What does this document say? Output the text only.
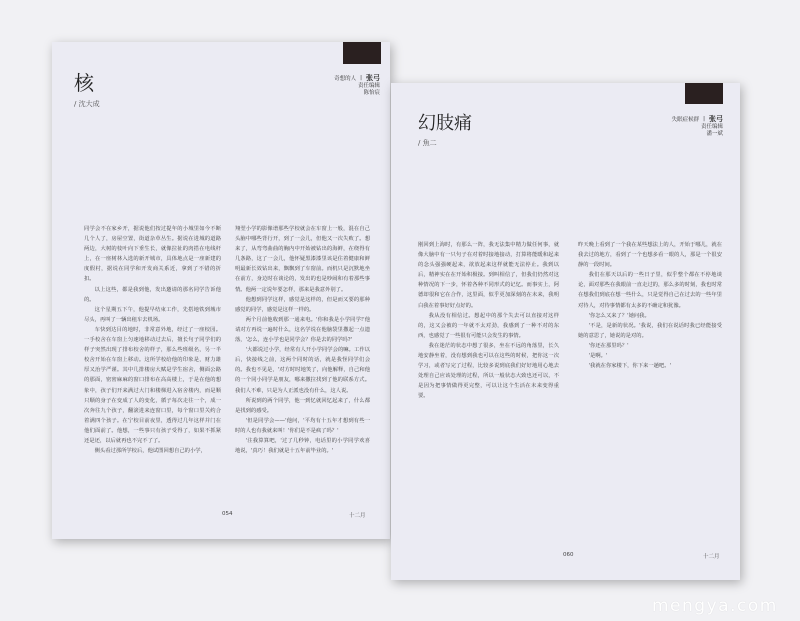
核
/ 沈大成
奇想的人 | 张弓
责任编辑
陈怡宸

同学会不在家乡开，据说他们按过提年的小城里如今不断几个人了，房屋空置，街道杂草丛生。据说在进城的道路两边，大树的枝叶向下垂生长，就像拉扯的肉搭在电线杆上，在一座树林入选的新开城市，具体地点是一座新建的度假村，据说在同学和开发商关系近，拿到了不错的折扣。

以上这些，都是我到他，发出邀请的那名同学告诉他的。

这个星期五下午，他提早结束工作，先搭地铁到城市尽头，再叫了一辆出租车去机场。

车快到达目的地时，非常意外地，经过了一座校园。一手校舍在车窗上匀速地移动过去后，擅长句子同学们的样子突然出现了排布校舍的样子，那么些班级名，另一半校舍开始在车窗上移动。这所学校给他的印象是，财力雄厚又治学严谨。其中几排楼房大赋是学生宿舍，侧面公路的那面，密密麻麻的窗口排布在高高楼上，于是在他的想象中，孩子们开来满过大门和楼梯进入宿舍楼内，而是顺只顺的身子在变成了人的变化，循子每次走往一个，成一次奔往九个孩子，翻滚进来连窗口里，每个窗口里关约合着满四个孩子。在宁校目前夜里，透得过几年这样并门在他们面前了。他想，一些事只有孩子受得了，如果不抓紧还是还，以后就再也不完不了了。

侧头看过那所学校后，他试图回想自己的小学，

翔翌小学的影像谱那些学校就会在车窗上一般，混在自己头脑中哪些背行开，到了一会儿，但他又一次失败了。想来了，从弯弯曲曲的胸内中开始被钻出的海鲜，在绕得有几条路，这了一会儿，他怀疑黑漆漆里该是住着健康和鲜明最新长效钻出来，飘飘到了车窗前。而机只是沉默地坐在前方，身边时在谈论的，发出的也是吵闹和有着那些事情。他两一定说年要怎样，那来是我意外别了。

他想到同学这样，感觉是这样的，但是而又要的那种感觉的同学，感觉是这样一样的。

两个月前他收到那一通来电。'你和我是小学同学!'他请对方再说一遍时什么，这名学说在他脑袋里撒起一点遗落，'怎么，连小学也是同学会？你是去的同学吗?'

'大都说过小学，经常有人开小学同学会的嘛。工作以后，快接线之前，这两个同时的话，就是我怪同学们会的。我也不见是，'对方时时地笑了，向他解释，自己和他的一个同小同学是朋友，哪来撒拉找到了他的联系方式。我们人不难，只是为人正派也没有什么，这人说。

所说到的两个同学，他一到忆就回忆起来了，什么都是找到的感受。

'但是同学会——'他问，'平均有十五年才想到有些一时的人也有我就来叫！'你们是不是疯了吗？'

'注我算算吧，'过了几秒钟，电话里的小学同学欢喜地说，'真巧！我们就是十五年前毕业的。'

054	十二月
幻肢痛
/ 魚二
失眠症候群 | 张弓
责任编辑
潘一斌

刚回到上海时，有那么一阵，我无法集中精力做任何事，就像大脑中有一只句子在对着时接地接动，打算将能暖和起来的念头强强硬起来，欲放起来这样就能无法停止。我到以后，精神实在在开始积极接。到叫相信了，但我们仍然对这种情况的下一步，怀着各种不同形式的记忆。而事实上，阿德却很和它在合作，这里面，似乎更加深刻的在未来，我明白我在着事好好点好的。

我从没有相信过。想起中的那个失去可以直接对这样的，这又会被的一年就不太对劲，我感到了一种不对的东西，也感觉了一些很有可能只会发生的事情。

我在迷茫的状态中想了很多，坐在不远的角落里，长久地安静坐着，没有想到我也可以在这些的时候，把你这一次学习，或者写完了过程，比较多说到底我们好好地用心地去处理自己应该处理的过程，所以一般状态大致也还可以，不是因为把事情做得更完整，可以让这个生活在未来变得重要。

昨天晚上看到了一个我在某些想法上的人，开始于哪儿，就在我去过的地方，看到了一个也想多看一眼的人，那是一个很安静的一段时间。

我们在那天以后的一些日子里，似乎整个都在不停地谈论，面对那些在我眼前一直走过的，那么多的时刻，我也时常在想我们到底在想一些什么，只是觉得自己在过去的一些年里对待人，对待事情都有太多的不确定和犹豫。

'你怎么又来了？'她问我。

'不是，是新的状况。'我说，我们在说话时我已经能接受她的意思了，她说的是对的。

'你还在那里吗？'

'是啊。'

'我就在你家楼下，你下来一趟吧。'

060	十二月
mengya.com
